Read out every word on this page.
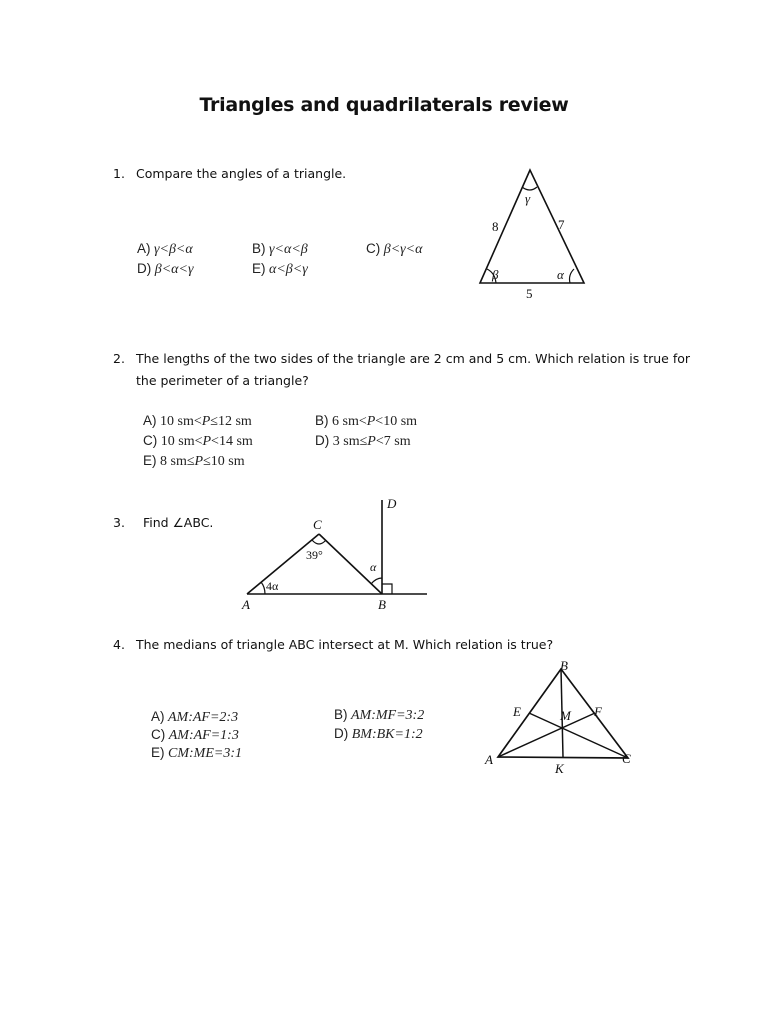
Triangles and quadrilaterals review
1. Compare the angles of a triangle.
A) γ<β<α	B) γ<α<β	C) β<γ<α
D) β<α<γ	E) α<β<γ
γ
β	α
8	7
5
2. The lengths of the two sides of the triangle are 2 cm and 5 cm. Which relation is true for
the perimeter of a triangle?
A) 10 sm<P≤12 sm	B) 6 sm<P<10 sm
C) 10 sm<P<14 sm	D) 3 sm≤P<7 sm
E) 8 sm≤P≤10 sm
3. Find ∠ABC.
A	B
C
D
39°
4α
α
4. The medians of triangle ABC intersect at M. Which relation is true?
A) AM:AF=2:3	B) AM:MF=3:2
C) AM:AF=1:3	D) BM:BK=1:2
E) CM:ME=3:1
B
A	C
E	F
K
M
